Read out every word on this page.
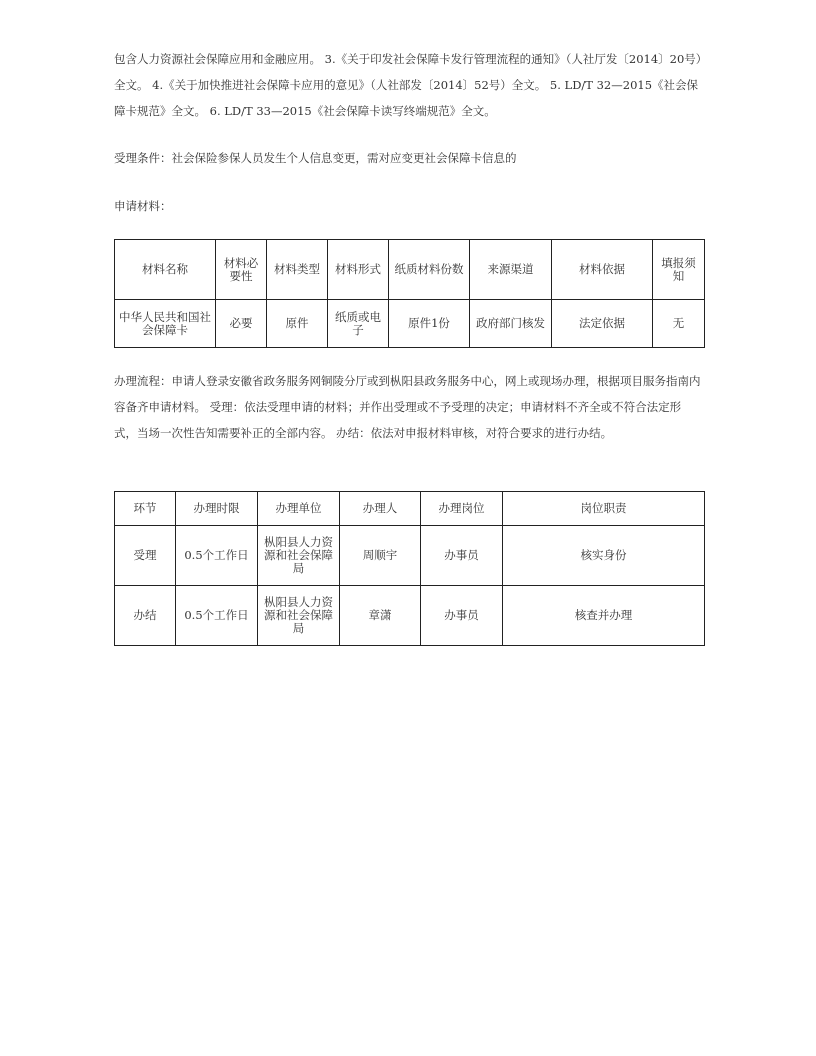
包含人力资源社会保障应用和金融应用。 3.《关于印发社会保障卡发行管理流程的通知》（人社厅发〔2014〕20号）全文。 4.《关于加快推进社会保障卡应用的意见》（人社部发〔2014〕52号）全文。 5. LD/T 32—2015《社会保障卡规范》全文。 6. LD/T 33—2015《社会保障卡读写终端规范》全文。

受理条件：社会保险参保人员发生个人信息变更，需对应变更社会保障卡信息的

申请材料：

材料名称	材料必要性	材料类型	材料形式	纸质材料份数	来源渠道	材料依据	填报须知
中华人民共和国社会保障卡	必要	原件	纸质或电子	原件1份	政府部门核发	法定依据	无

办理流程：申请人登录安徽省政务服务网铜陵分厅或到枞阳县政务服务中心，网上或现场办理，根据项目服务指南内容备齐申请材料。 受理：依法受理申请的材料；并作出受理或不予受理的决定；申请材料不齐全或不符合法定形式，当场一次性告知需要补正的全部内容。 办结：依法对申报材料审核，对符合要求的进行办结。

环节	办理时限	办理单位	办理人	办理岗位	岗位职责
受理	0.5个工作日	枞阳县人力资源和社会保障局	周顺宇	办事员	核实身份
办结	0.5个工作日	枞阳县人力资源和社会保障局	章潇	办事员	核查并办理
